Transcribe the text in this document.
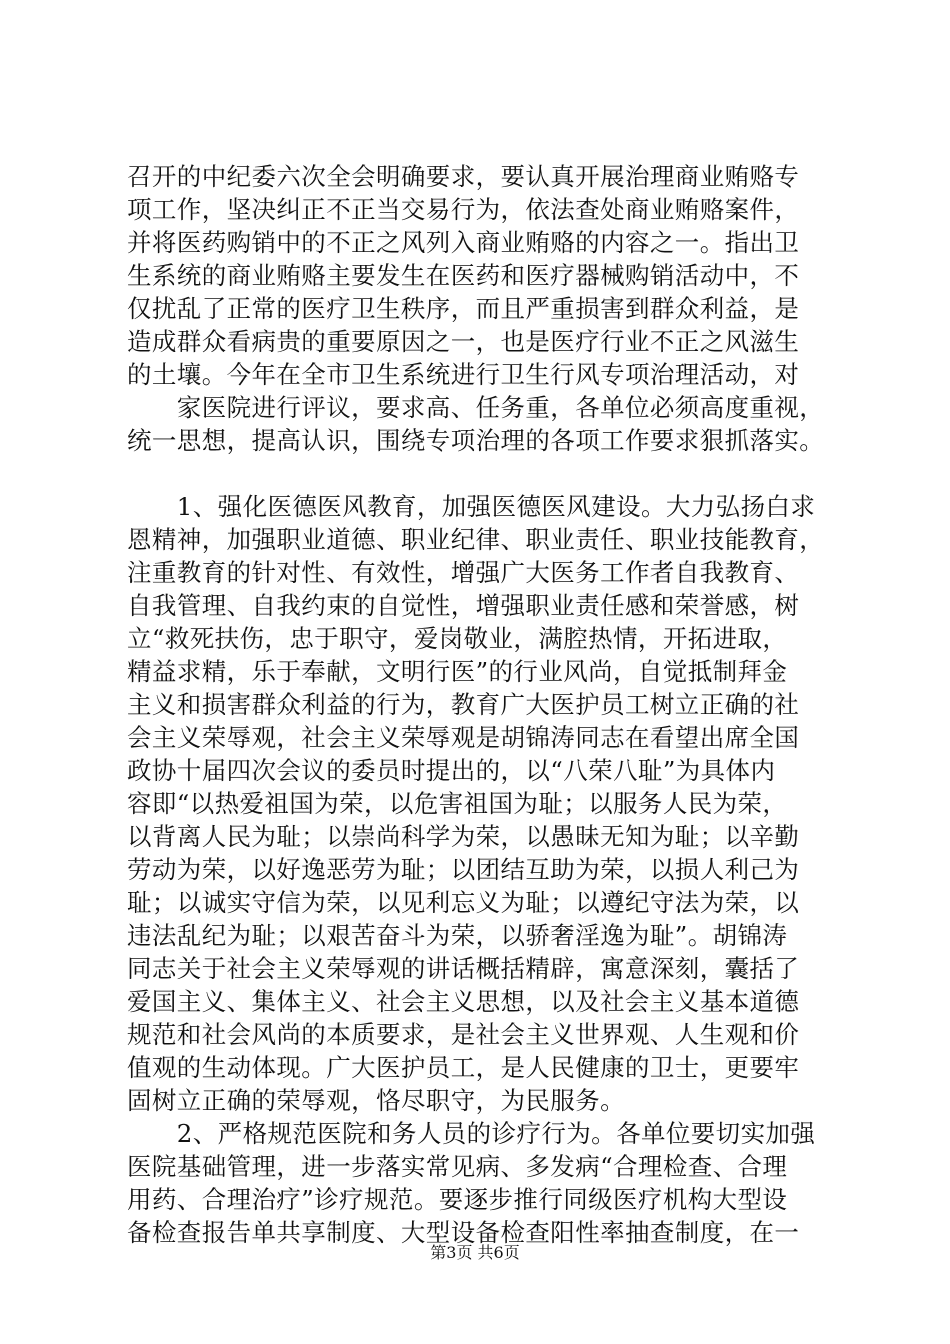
召开的中纪委六次全会明确要求，要认真开展治理商业贿赂专
项工作，坚决纠正不正当交易行为，依法查处商业贿赂案件，
并将医药购销中的不正之风列入商业贿赂的内容之一。指出卫
生系统的商业贿赂主要发生在医药和医疗器械购销活动中，不
仅扰乱了正常的医疗卫生秩序，而且严重损害到群众利益，是
造成群众看病贵的重要原因之一，也是医疗行业不正之风滋生
的土壤。今年在全市卫生系统进行卫生行风专项治理活动，对
　　家医院进行评议，要求高、任务重，各单位必须高度重视，
统一思想，提高认识，围绕专项治理的各项工作要求狠抓落实。
　　1、强化医德医风教育，加强医德医风建设。大力弘扬白求
恩精神，加强职业道德、职业纪律、职业责任、职业技能教育，
注重教育的针对性、有效性，增强广大医务工作者自我教育、
自我管理、自我约束的自觉性，增强职业责任感和荣誉感，树
立“救死扶伤，忠于职守，爱岗敬业，满腔热情，开拓进取，
精益求精，乐于奉献，文明行医”的行业风尚，自觉抵制拜金
主义和损害群众利益的行为，教育广大医护员工树立正确的社
会主义荣辱观，社会主义荣辱观是胡锦涛同志在看望出席全国
政协十届四次会议的委员时提出的，以“八荣八耻”为具体内
容即“以热爱祖国为荣，以危害祖国为耻；以服务人民为荣，
以背离人民为耻；以崇尚科学为荣，以愚昧无知为耻；以辛勤
劳动为荣，以好逸恶劳为耻；以团结互助为荣，以损人利己为
耻；以诚实守信为荣，以见利忘义为耻；以遵纪守法为荣，以
违法乱纪为耻；以艰苦奋斗为荣，以骄奢淫逸为耻”。胡锦涛
同志关于社会主义荣辱观的讲话概括精辟，寓意深刻，囊括了
爱国主义、集体主义、社会主义思想，以及社会主义基本道德
规范和社会风尚的本质要求，是社会主义世界观、人生观和价
值观的生动体现。广大医护员工，是人民健康的卫士，更要牢
固树立正确的荣辱观，恪尽职守，为民服务。
　　2、严格规范医院和务人员的诊疗行为。各单位要切实加强
医院基础管理，进一步落实常见病、多发病“合理检查、合理
用药、合理治疗”诊疗规范。要逐步推行同级医疗机构大型设
备检查报告单共享制度、大型设备检查阳性率抽查制度，在一
第3页 共6页
